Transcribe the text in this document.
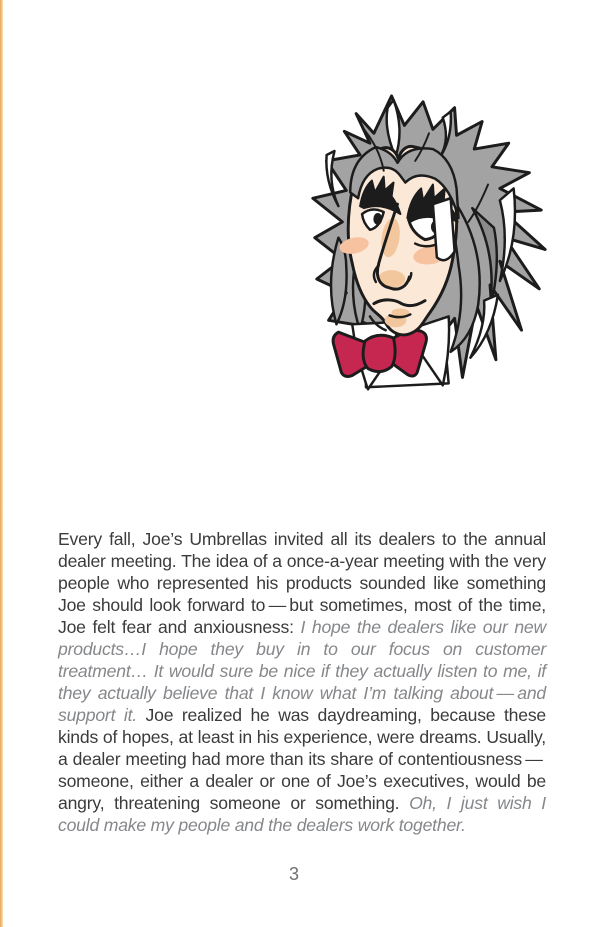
Every fall, Joe’s Umbrellas invited all its dealers to the annual dealer meeting. The idea of a once-a-year meeting with the very people who represented his products sounded like something Joe should look forward to — but sometimes, most of the time, Joe felt fear and anxiousness: I hope the dealers like our new products…I hope they buy in to our focus on customer treatment… It would sure be nice if they actually listen to me, if they actually believe that I know what I’m talking about — and support it. Joe realized he was daydreaming, because these kinds of hopes, at least in his experience, were dreams. Usually, a dealer meeting had more than its share of contentiousness — someone, either a dealer or one of Joe’s executives, would be angry, threatening someone or something. Oh, I just wish I could make my people and the dealers work together.

3
